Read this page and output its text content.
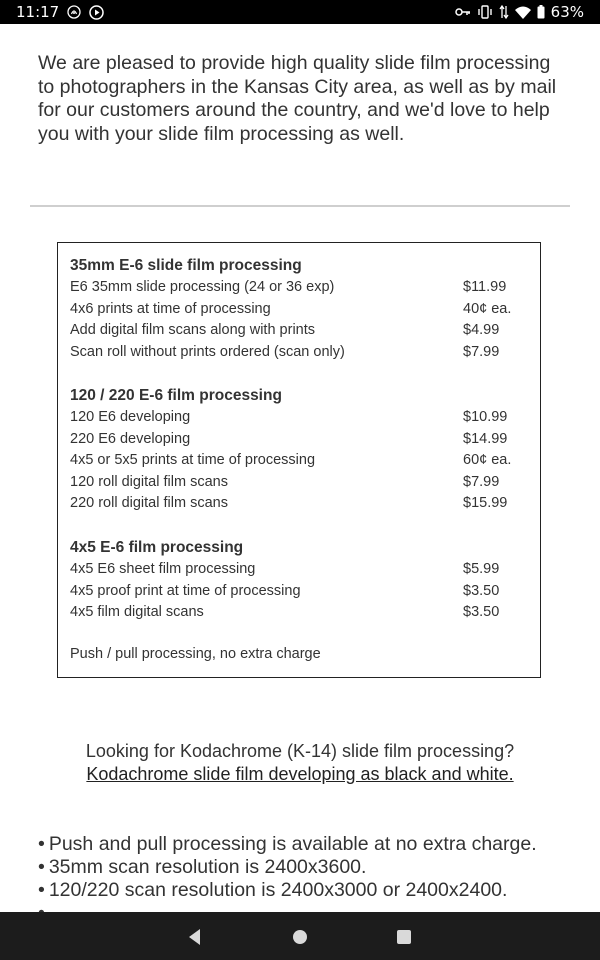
11:17	63%

We are pleased to provide high quality slide film processing to photographers in the Kansas City area, as well as by mail for our customers around the country, and we'd love to help you with your slide film processing as well.

35mm E-6 slide film processing
E6 35mm slide processing (24 or 36 exp)	$11.99
4x6 prints at time of processing	40¢ ea.
Add digital film scans along with prints	$4.99
Scan roll without prints ordered (scan only)	$7.99
120 / 220 E-6 film processing
120 E6 developing	$10.99
220 E6 developing	$14.99
4x5 or 5x5 prints at time of processing	60¢ ea.
120 roll digital film scans	$7.99
220 roll digital film scans	$15.99
4x5 E-6 film processing
4x5 E6 sheet film processing	$5.99
4x5 proof print at time of processing	$3.50
4x5 film digital scans	$3.50
Push / pull processing, no extra charge
Looking for Kodachrome (K-14) slide film processing?
Kodachrome slide film developing as black and white.
• Push and pull processing is available at no extra charge.
• 35mm scan resolution is 2400x3600.
• 120/220 scan resolution is 2400x3000 or 2400x2400.
